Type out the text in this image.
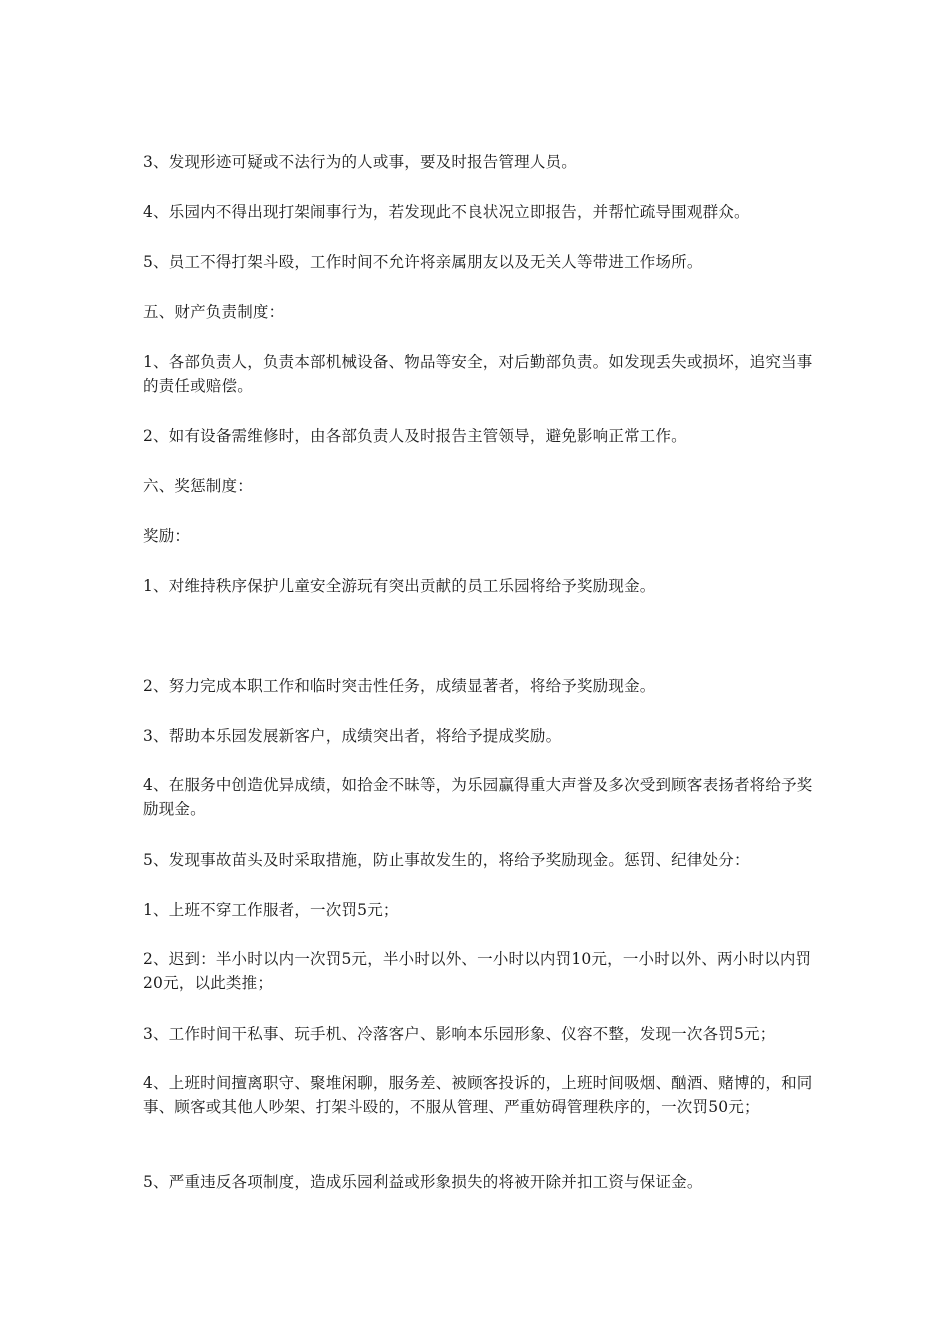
3、发现形迹可疑或不法行为的人或事，要及时报告管理人员。

4、乐园内不得出现打架闹事行为，若发现此不良状况立即报告，并帮忙疏导围观群众。

5、员工不得打架斗殴，工作时间不允许将亲属朋友以及无关人等带进工作场所。

五、财产负责制度：

1、各部负责人，负责本部机械设备、物品等安全，对后勤部负责。如发现丢失或损坏，追究当事的责任或赔偿。

2、如有设备需维修时，由各部负责人及时报告主管领导，避免影响正常工作。

六、奖惩制度：

奖励：

1、对维持秩序保护儿童安全游玩有突出贡献的员工乐园将给予奖励现金。

2、努力完成本职工作和临时突击性任务，成绩显著者，将给予奖励现金。

3、帮助本乐园发展新客户，成绩突出者，将给予提成奖励。

4、在服务中创造优异成绩，如拾金不昧等，为乐园赢得重大声誉及多次受到顾客表扬者将给予奖励现金。

5、发现事故苗头及时采取措施，防止事故发生的，将给予奖励现金。惩罚、纪律处分：

1、上班不穿工作服者，一次罚5元；

2、迟到：半小时以内一次罚5元，半小时以外、一小时以内罚10元，一小时以外、两小时以内罚20元，以此类推；

3、工作时间干私事、玩手机、冷落客户、影响本乐园形象、仪容不整，发现一次各罚5元；

4、上班时间擅离职守、聚堆闲聊，服务差、被顾客投诉的，上班时间吸烟、酗酒、赌博的，和同事、顾客或其他人吵架、打架斗殴的，不服从管理、严重妨碍管理秩序的，一次罚50元；

5、严重违反各项制度，造成乐园利益或形象损失的将被开除并扣工资与保证金。
